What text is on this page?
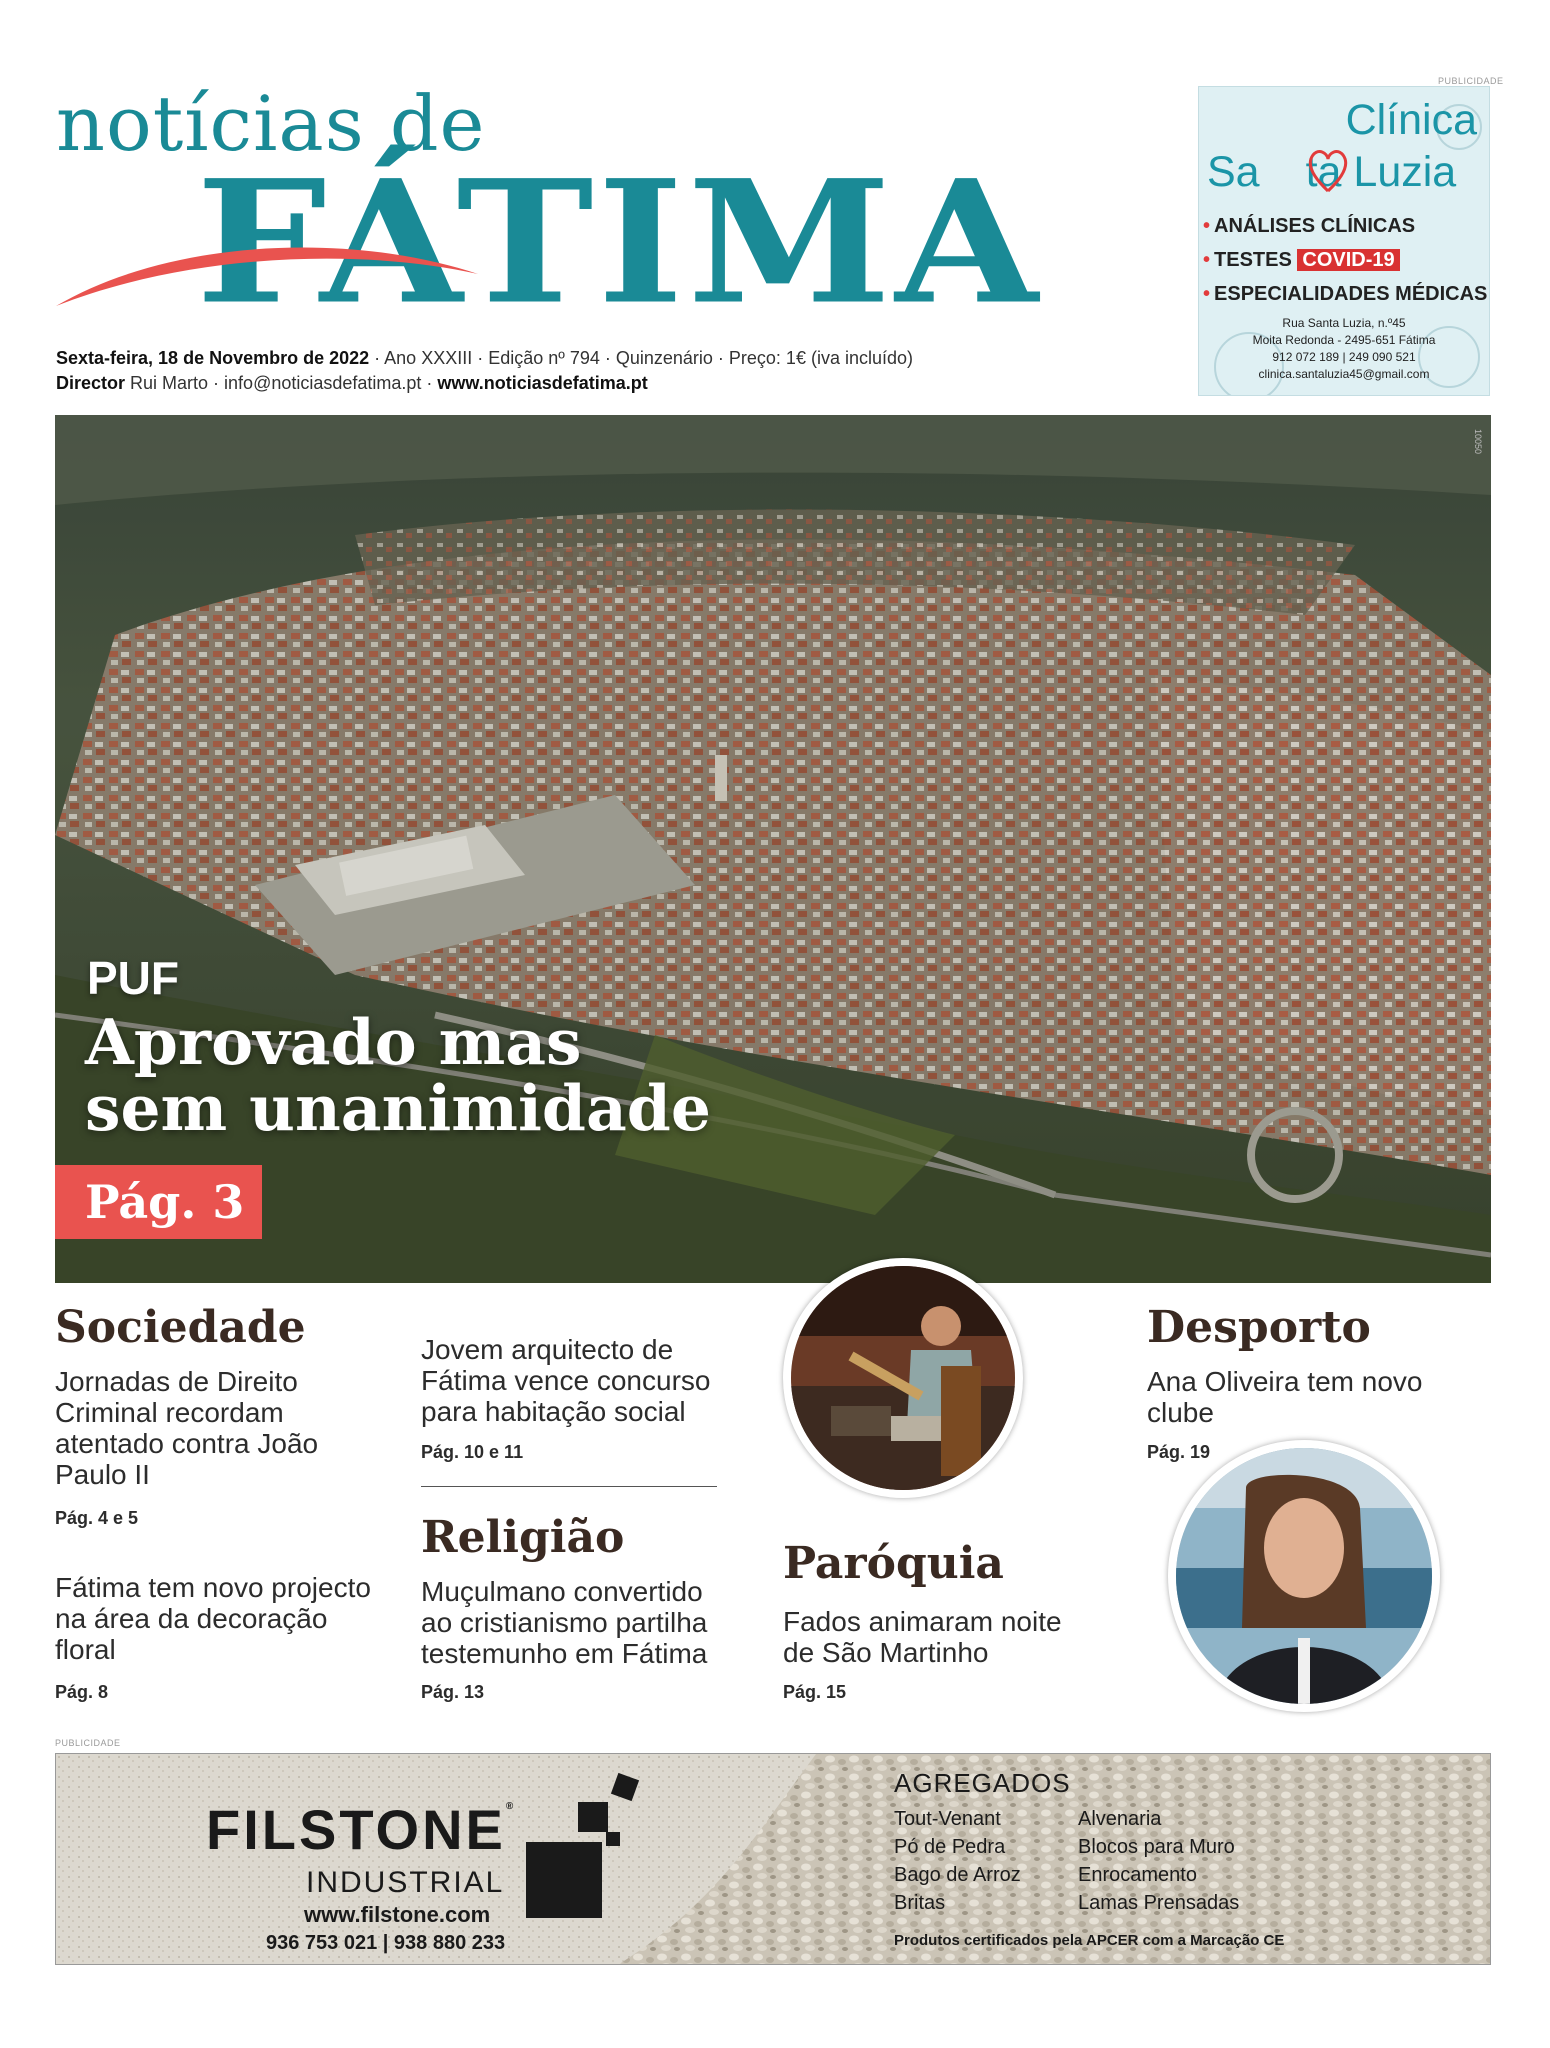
notícias de
FÁTIMA
Sexta-feira, 18 de Novembro de 2022 · Ano XXXIII · Edição nº 794 · Quinzenário · Preço: 1€ (iva incluído)
Director Rui Marto · info@noticiasdefatima.pt · www.noticiasdefatima.pt
PUBLICIDADE
Clínica
Sa ta Luzia
• ANÁLISES CLÍNICAS
• TESTES COVID-19
• ESPECIALIDADES MÉDICAS
Rua Santa Luzia, n.º45
Moita Redonda - 2495-651 Fátima
912 072 189 | 249 090 521
clinica.santaluzia45@gmail.com
10050
PUF
Aprovado mas
sem unanimidade
Pág. 3
Sociedade
Jornadas de Direito
Criminal recordam
atentado contra João
Paulo II
Pág. 4 e 5
Fátima tem novo projecto
na área da decoração
floral
Pág. 8
Jovem arquitecto de
Fátima vence concurso
para habitação social
Pág. 10 e 11
Religião
Muçulmano convertido
ao cristianismo partilha
testemunho em Fátima
Pág. 13
Paróquia
Fados animaram noite
de São Martinho
Pág. 15
Desporto
Ana Oliveira tem novo
clube
Pág. 19
PUBLICIDADE
FILSTONE®
INDUSTRIAL
www.filstone.com
936 753 021 | 938 880 233
AGREGADOS
Tout-Venant
Pó de Pedra
Bago de Arroz
Britas
Alvenaria
Blocos para Muro
Enrocamento
Lamas Prensadas
Produtos certificados pela APCER com a Marcação CE
